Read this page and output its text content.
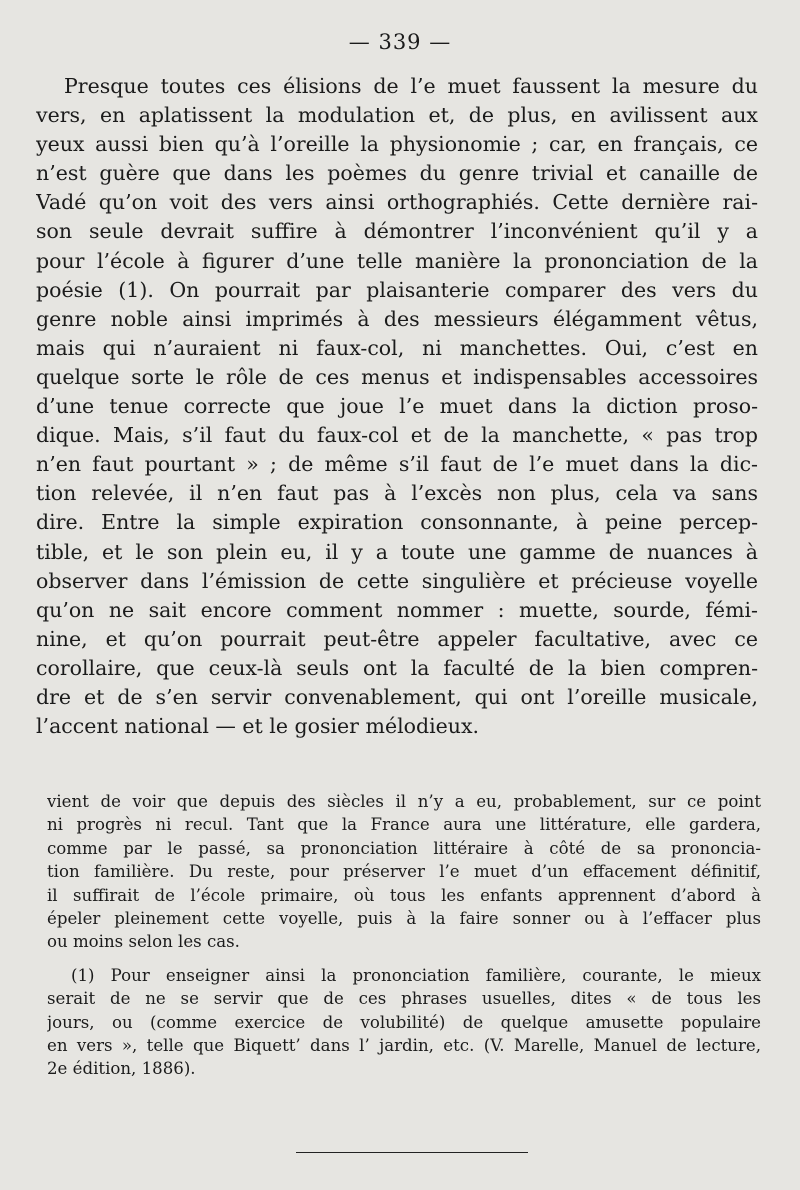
— 339 —
Presque toutes ces élisions de l’e muet faussent la mesure du
vers, en aplatissent la modulation et, de plus, en avilissent aux
yeux aussi bien qu’à l’oreille la physionomie ; car, en français, ce
n’est guère que dans les poèmes du genre trivial et canaille de
Vadé qu’on voit des vers ainsi orthographiés. Cette dernière rai-
son seule devrait suffire à démontrer l’inconvénient qu’il y a
pour l’école à figurer d’une telle manière la prononciation de la
poésie (1). On pourrait par plaisanterie comparer des vers du
genre noble ainsi imprimés à des messieurs élégamment vêtus,
mais qui n’auraient ni faux-col, ni manchettes. Oui, c’est en
quelque sorte le rôle de ces menus et indispensables accessoires
d’une tenue correcte que joue l’e muet dans la diction proso-
dique. Mais, s’il faut du faux-col et de la manchette, « pas trop
n’en faut pourtant » ; de même s’il faut de l’e muet dans la dic-
tion relevée, il n’en faut pas à l’excès non plus, cela va sans
dire. Entre la simple expiration consonnante, à peine percep-
tible, et le son plein eu, il y a toute une gamme de nuances à
observer dans l’émission de cette singulière et précieuse voyelle
qu’on ne sait encore comment nommer : muette, sourde, fémi-
nine, et qu’on pourrait peut-être appeler facultative, avec ce
corollaire, que ceux-là seuls ont la faculté de la bien compren-
dre et de s’en servir convenablement, qui ont l’oreille musicale,
l’accent national — et le gosier mélodieux.
vient de voir que depuis des siècles il n’y a eu, probablement, sur ce point
ni progrès ni recul. Tant que la France aura une littérature, elle gardera,
comme par le passé, sa prononciation littéraire à côté de sa prononcia-
tion familière. Du reste, pour préserver l’e muet d’un effacement définitif,
il suffirait de l’école primaire, où tous les enfants apprennent d’abord à
épeler pleinement cette voyelle, puis à la faire sonner ou à l’effacer plus
ou moins selon les cas.
(1) Pour enseigner ainsi la prononciation familière, courante, le mieux
serait de ne se servir que de ces phrases usuelles, dites « de tous les
jours, ou (comme exercice de volubilité) de quelque amusette populaire
en vers », telle que Biquett’ dans l’ jardin, etc. (V. Marelle, Manuel de lecture,
2e édition, 1886).
